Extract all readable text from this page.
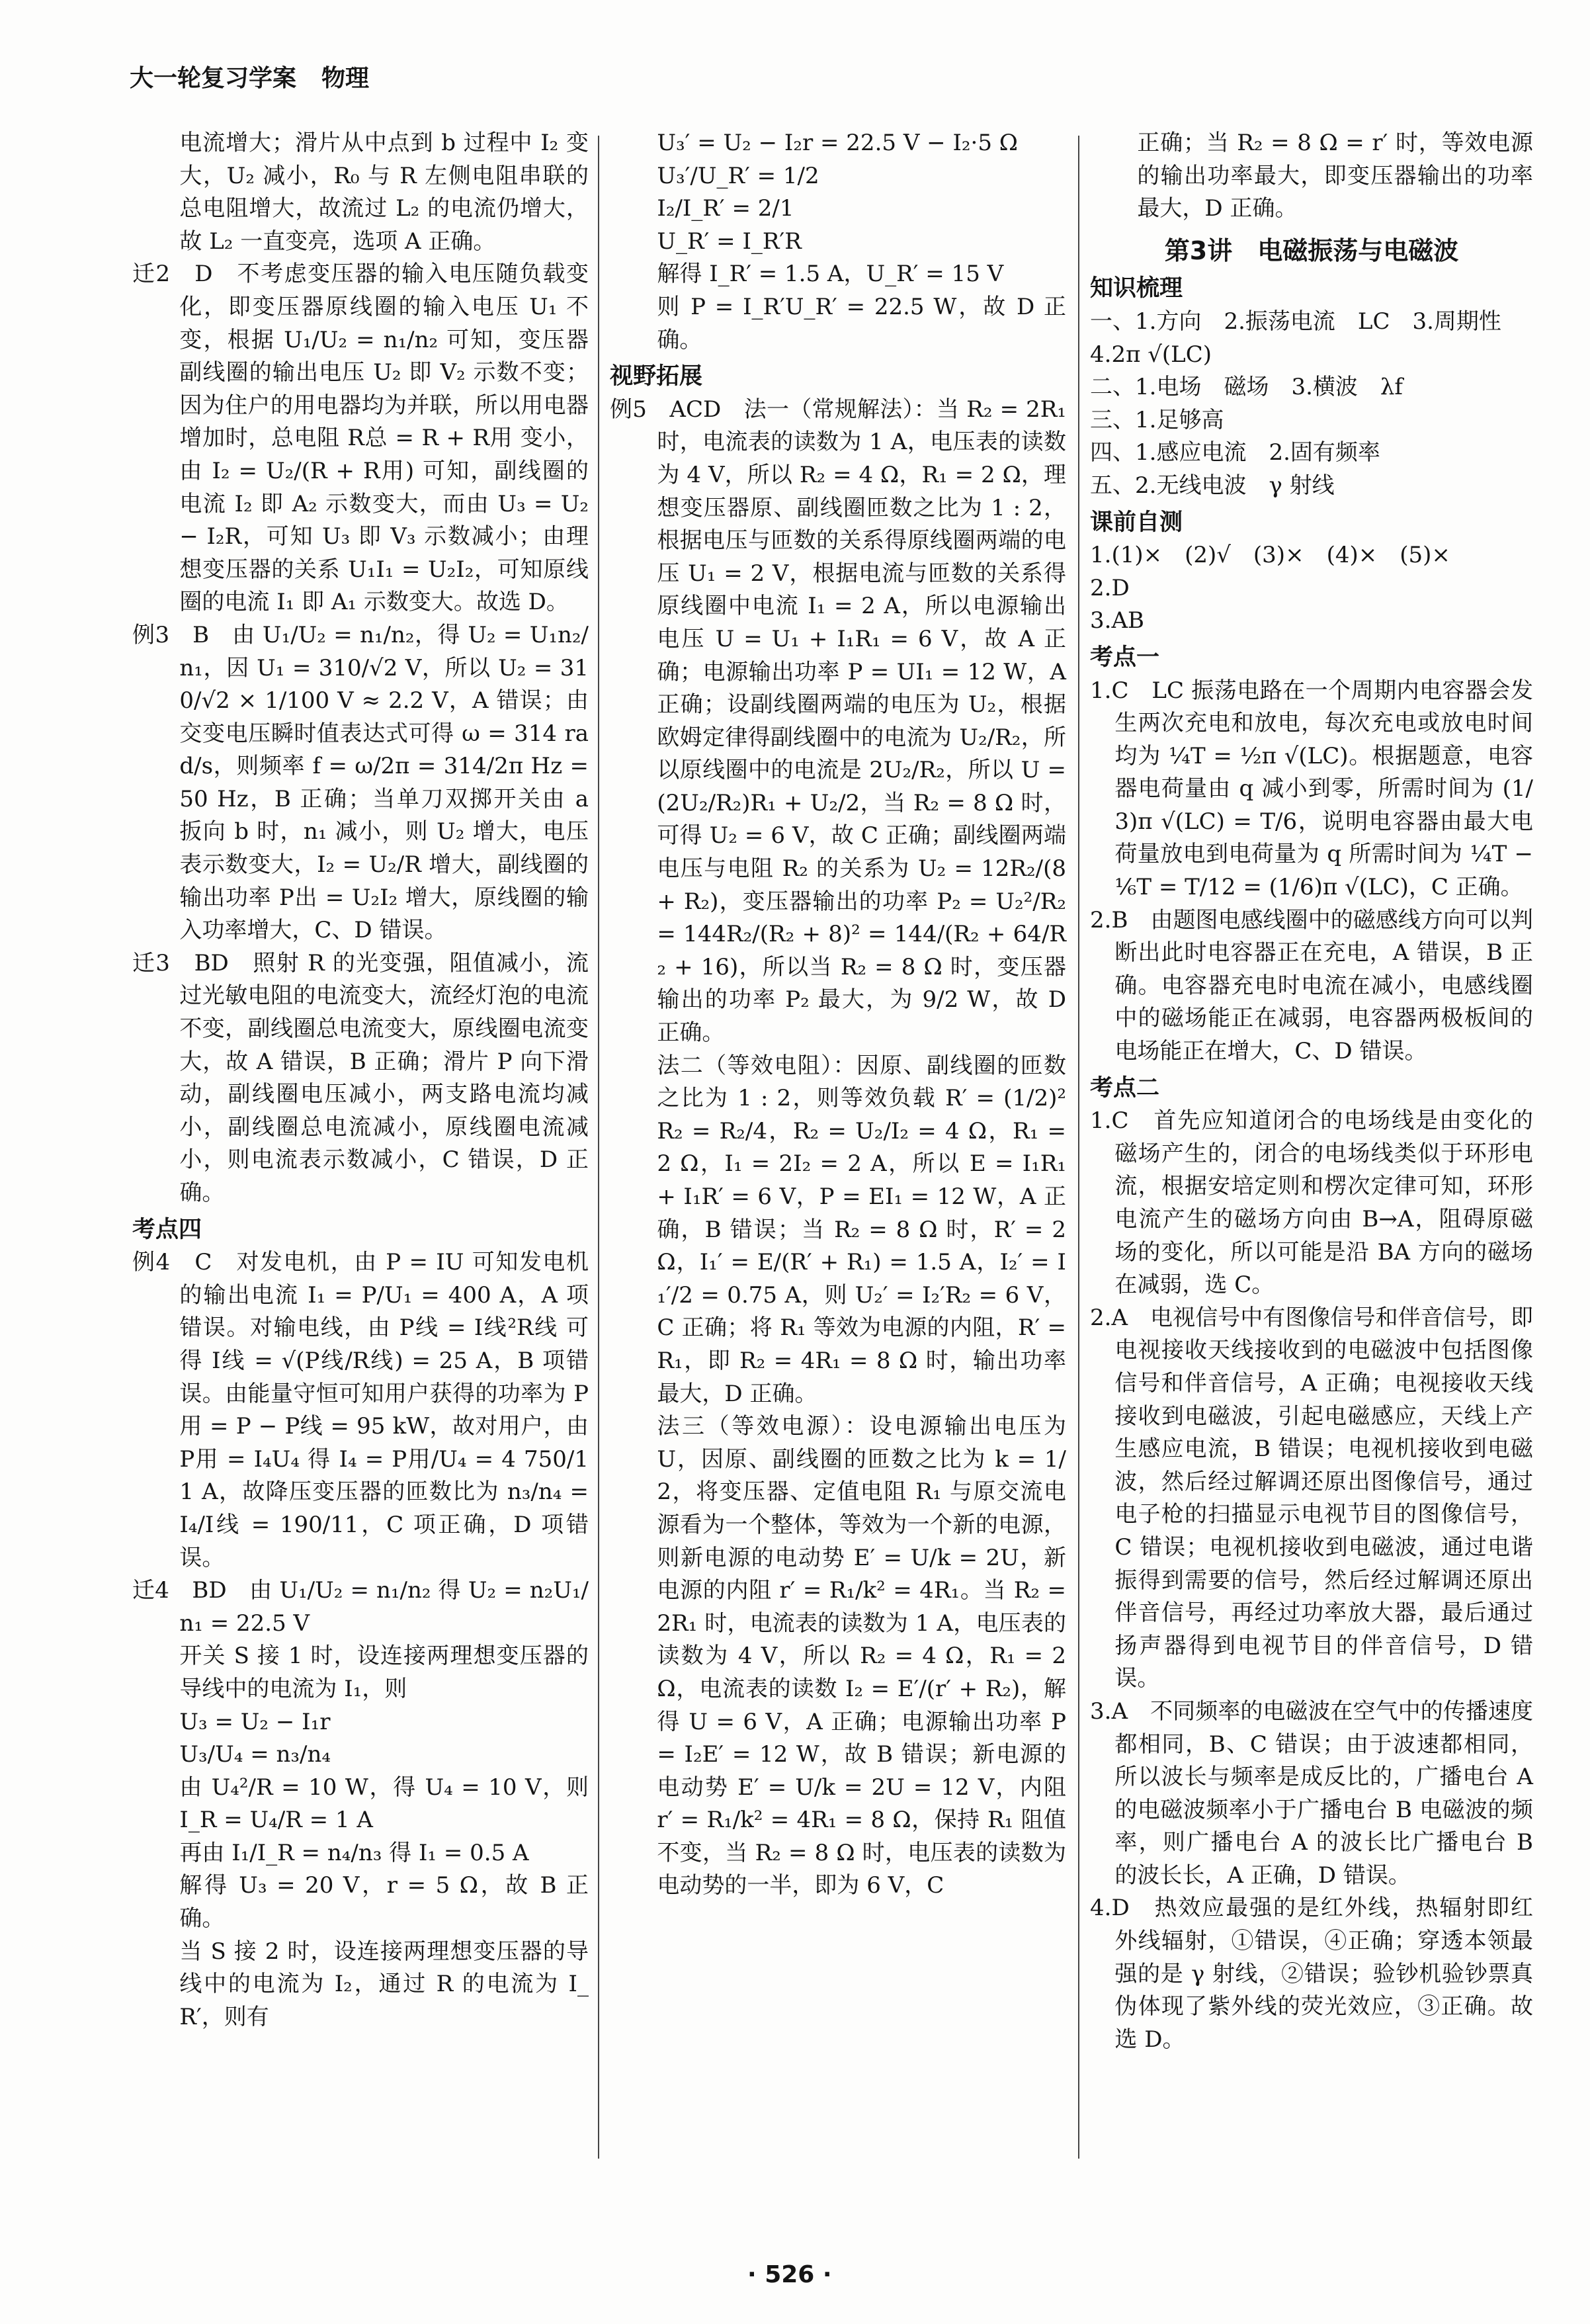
大一轮复习学案 物理

电流增大；滑片从中点到 b 过程中 I₂ 变大，U₂ 减小，R₀ 与 R 左侧电阻串联的总电阻增大，故流过 L₂ 的电流仍增大，故 L₂ 一直变亮，选项 A 正确。

迁2　D　不考虑变压器的输入电压随负载变化，即变压器原线圈的输入电压 U₁ 不变，根据 U₁/U₂ = n₁/n₂ 可知，变压器副线圈的输出电压 U₂ 即 V₂ 示数不变；因为住户的用电器均为并联，所以用电器增加时，总电阻 R总 = R + R用 变小，由 I₂ = U₂/(R + R用) 可知，副线圈的电流 I₂ 即 A₂ 示数变大，而由 U₃ = U₂ − I₂R，可知 U₃ 即 V₃ 示数减小；由理想变压器的关系 U₁I₁ = U₂I₂，可知原线圈的电流 I₁ 即 A₁ 示数变大。故选 D。

例3　B　由 U₁/U₂ = n₁/n₂，得 U₂ = U₁n₂/n₁，因 U₁ = 310/√2 V，所以 U₂ = 310/√2 × 1/100 V ≈ 2.2 V，A 错误；由交变电压瞬时值表达式可得 ω = 314 rad/s，则频率 f = ω/2π = 314/2π Hz = 50 Hz，B 正确；当单刀双掷开关由 a 扳向 b 时，n₁ 减小，则 U₂ 增大，电压表示数变大，I₂ = U₂/R 增大，副线圈的输出功率 P出 = U₂I₂ 增大，原线圈的输入功率增大，C、D 错误。

迁3　BD　照射 R 的光变强，阻值减小，流过光敏电阻的电流变大，流经灯泡的电流不变，副线圈总电流变大，原线圈电流变大，故 A 错误，B 正确；滑片 P 向下滑动，副线圈电压减小，两支路电流均减小，副线圈总电流减小，原线圈电流减小，则电流表示数减小，C 错误，D 正确。

考点四

例4　C　对发电机，由 P = IU 可知发电机的输出电流 I₁ = P/U₁ = 400 A，A 项错误。对输电线，由 P线 = I线²R线 可得 I线 = √(P线/R线) = 25 A，B 项错误。由能量守恒可知用户获得的功率为 P用 = P − P线 = 95 kW，故对用户，由 P用 = I₄U₄ 得 I₄ = P用/U₄ = 4 750/11 A，故降压变压器的匝数比为 n₃/n₄ = I₄/I线 = 190/11，C 项正确，D 项错误。

迁4　BD　由 U₁/U₂ = n₁/n₂ 得 U₂ = n₂U₁/n₁ = 22.5 V

开关 S 接 1 时，设连接两理想变压器的导线中的电流为 I₁，则

U₃ = U₂ − I₁r

U₃/U₄ = n₃/n₄

由 U₄²/R = 10 W，得 U₄ = 10 V，则 I_R = U₄/R = 1 A

再由 I₁/I_R = n₄/n₃ 得 I₁ = 0.5 A

解得 U₃ = 20 V，r = 5 Ω，故 B 正确。

当 S 接 2 时，设连接两理想变压器的导线中的电流为 I₂，通过 R 的电流为 I_R′，则有

U₃′ = U₂ − I₂r = 22.5 V − I₂·5 Ω

U₃′/U_R′ = 1/2

I₂/I_R′ = 2/1

U_R′ = I_R′R

解得 I_R′ = 1.5 A，U_R′ = 15 V

则 P = I_R′U_R′ = 22.5 W，故 D 正确。

视野拓展

例5　ACD　法一（常规解法）：当 R₂ = 2R₁ 时，电流表的读数为 1 A，电压表的读数为 4 V，所以 R₂ = 4 Ω，R₁ = 2 Ω，理想变压器原、副线圈匝数之比为 1 : 2，根据电压与匝数的关系得原线圈两端的电压 U₁ = 2 V，根据电流与匝数的关系得原线圈中电流 I₁ = 2 A，所以电源输出电压 U = U₁ + I₁R₁ = 6 V，故 A 正确；电源输出功率 P = UI₁ = 12 W，A 正确；设副线圈两端的电压为 U₂，根据欧姆定律得副线圈中的电流为 U₂/R₂，所以原线圈中的电流是 2U₂/R₂，所以 U = (2U₂/R₂)R₁ + U₂/2，当 R₂ = 8 Ω 时，可得 U₂ = 6 V，故 C 正确；副线圈两端电压与电阻 R₂ 的关系为 U₂ = 12R₂/(8 + R₂)，变压器输出的功率 P₂ = U₂²/R₂ = 144R₂/(R₂ + 8)² = 144/(R₂ + 64/R₂ + 16)，所以当 R₂ = 8 Ω 时，变压器输出的功率 P₂ 最大，为 9/2 W，故 D 正确。

法二（等效电阻）：因原、副线圈的匝数之比为 1 : 2，则等效负载 R′ = (1/2)² R₂ = R₂/4，R₂ = U₂/I₂ = 4 Ω，R₁ = 2 Ω，I₁ = 2I₂ = 2 A，所以 E = I₁R₁ + I₁R′ = 6 V，P = EI₁ = 12 W，A 正确，B 错误；当 R₂ = 8 Ω 时，R′ = 2 Ω，I₁′ = E/(R′ + R₁) = 1.5 A，I₂′ = I₁′/2 = 0.75 A，则 U₂′ = I₂′R₂ = 6 V，C 正确；将 R₁ 等效为电源的内阻，R′ = R₁，即 R₂ = 4R₁ = 8 Ω 时，输出功率最大，D 正确。

法三（等效电源）：设电源输出电压为 U，因原、副线圈的匝数之比为 k = 1/2，将变压器、定值电阻 R₁ 与原交流电源看为一个整体，等效为一个新的电源，则新电源的电动势 E′ = U/k = 2U，新电源的内阻 r′ = R₁/k² = 4R₁。当 R₂ = 2R₁ 时，电流表的读数为 1 A，电压表的读数为 4 V，所以 R₂ = 4 Ω，R₁ = 2 Ω，电流表的读数 I₂ = E′/(r′ + R₂)，解得 U = 6 V，A 正确；电源输出功率 P = I₂E′ = 12 W，故 B 错误；新电源的电动势 E′ = U/k = 2U = 12 V，内阻 r′ = R₁/k² = 4R₁ = 8 Ω，保持 R₁ 阻值不变，当 R₂ = 8 Ω 时，电压表的读数为电动势的一半，即为 6 V，C

正确；当 R₂ = 8 Ω = r′ 时，等效电源的输出功率最大，即变压器输出的功率最大，D 正确。

第3讲　电磁振荡与电磁波

知识梳理

一、1.方向　2.振荡电流　LC　3.周期性

4.2π √(LC)

二、1.电场　磁场　3.横波　λf

三、1.足够高

四、1.感应电流　2.固有频率

五、2.无线电波　γ 射线

课前自测

1.(1)×　(2)√　(3)×　(4)×　(5)×

2.D

3.AB

考点一

1.C　LC 振荡电路在一个周期内电容器会发生两次充电和放电，每次充电或放电时间均为 ¼T = ½π √(LC)。根据题意，电容器电荷量由 q 减小到零，所需时间为 (1/3)π √(LC) = T/6，说明电容器由最大电荷量放电到电荷量为 q 所需时间为 ¼T − ⅙T = T/12 = (1/6)π √(LC)，C 正确。

2.B　由题图电感线圈中的磁感线方向可以判断出此时电容器正在充电，A 错误，B 正确。电容器充电时电流在减小，电感线圈中的磁场能正在减弱，电容器两极板间的电场能正在增大，C、D 错误。

考点二

1.C　首先应知道闭合的电场线是由变化的磁场产生的，闭合的电场线类似于环形电流，根据安培定则和楞次定律可知，环形电流产生的磁场方向由 B→A，阻碍原磁场的变化，所以可能是沿 BA 方向的磁场在减弱，选 C。

2.A　电视信号中有图像信号和伴音信号，即电视接收天线接收到的电磁波中包括图像信号和伴音信号，A 正确；电视接收天线接收到电磁波，引起电磁感应，天线上产生感应电流，B 错误；电视机接收到电磁波，然后经过解调还原出图像信号，通过电子枪的扫描显示电视节目的图像信号，C 错误；电视机接收到电磁波，通过电谐振得到需要的信号，然后经过解调还原出伴音信号，再经过功率放大器，最后通过扬声器得到电视节目的伴音信号，D 错误。

3.A　不同频率的电磁波在空气中的传播速度都相同，B、C 错误；由于波速都相同，所以波长与频率是成反比的，广播电台 A 的电磁波频率小于广播电台 B 电磁波的频率，则广播电台 A 的波长比广播电台 B 的波长长，A 正确，D 错误。

4.D　热效应最强的是红外线，热辐射即红外线辐射，①错误，④正确；穿透本领最强的是 γ 射线，②错误；验钞机验钞票真伪体现了紫外线的荧光效应，③正确。故选 D。

· 526 ·
